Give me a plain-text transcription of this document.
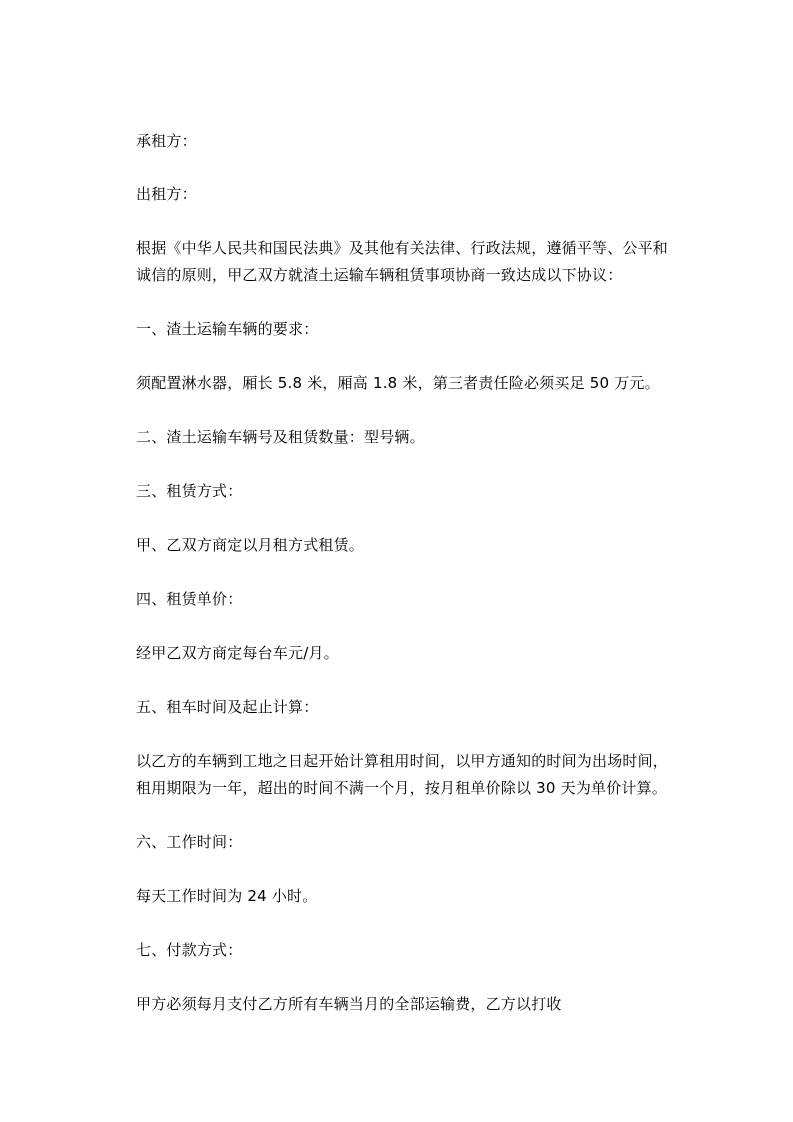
承租方：
出租方：
根据《中华人民共和国民法典》及其他有关法律、行政法规，遵循平等、公平和
诚信的原则，甲乙双方就渣土运输车辆租赁事项协商一致达成以下协议：
一、渣土运输车辆的要求：
须配置淋水器，厢长 5.8 米，厢高 1.8 米，第三者责任险必须买足 50 万元。
二、渣土运输车辆号及租赁数量：型号辆。
三、租赁方式：
甲、乙双方商定以月租方式租赁。
四、租赁单价：
经甲乙双方商定每台车元/月。
五、租车时间及起止计算：
以乙方的车辆到工地之日起开始计算租用时间，以甲方通知的时间为出场时间，
租用期限为一年，超出的时间不满一个月，按月租单价除以 30 天为单价计算。
六、工作时间：
每天工作时间为 24 小时。
七、付款方式：
甲方必须每月支付乙方所有车辆当月的全部运输费，乙方以打收
